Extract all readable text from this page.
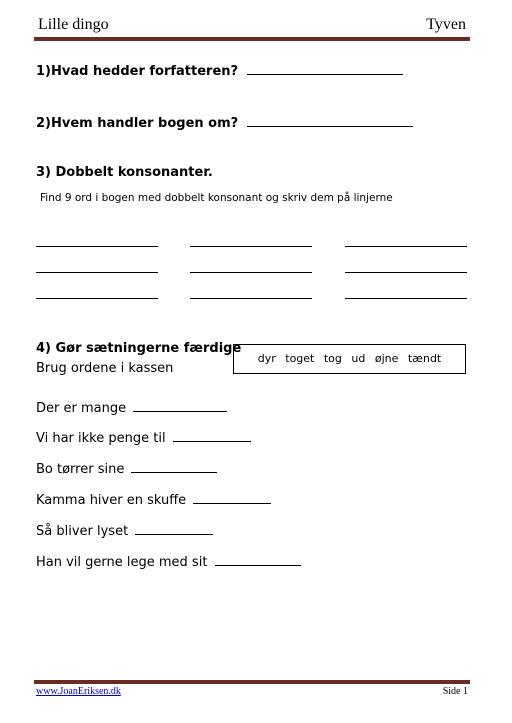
Lille dingo	Tyven
1)Hvad hedder forfatteren?
2)Hvem handler bogen om?
3) Dobbelt konsonanter.
Find 9 ord i bogen med dobbelt konsonant og skriv dem på linjerne
4) Gør sætningerne færdige
Brug ordene i kassen
dyr toget tog ud øjne tændt
Der er mange
Vi har ikke penge til
Bo tørrer sine
Kamma hiver en skuffe
Så bliver lyset
Han vil gerne lege med sit
www.JoanEriksen.dk	Side 1
